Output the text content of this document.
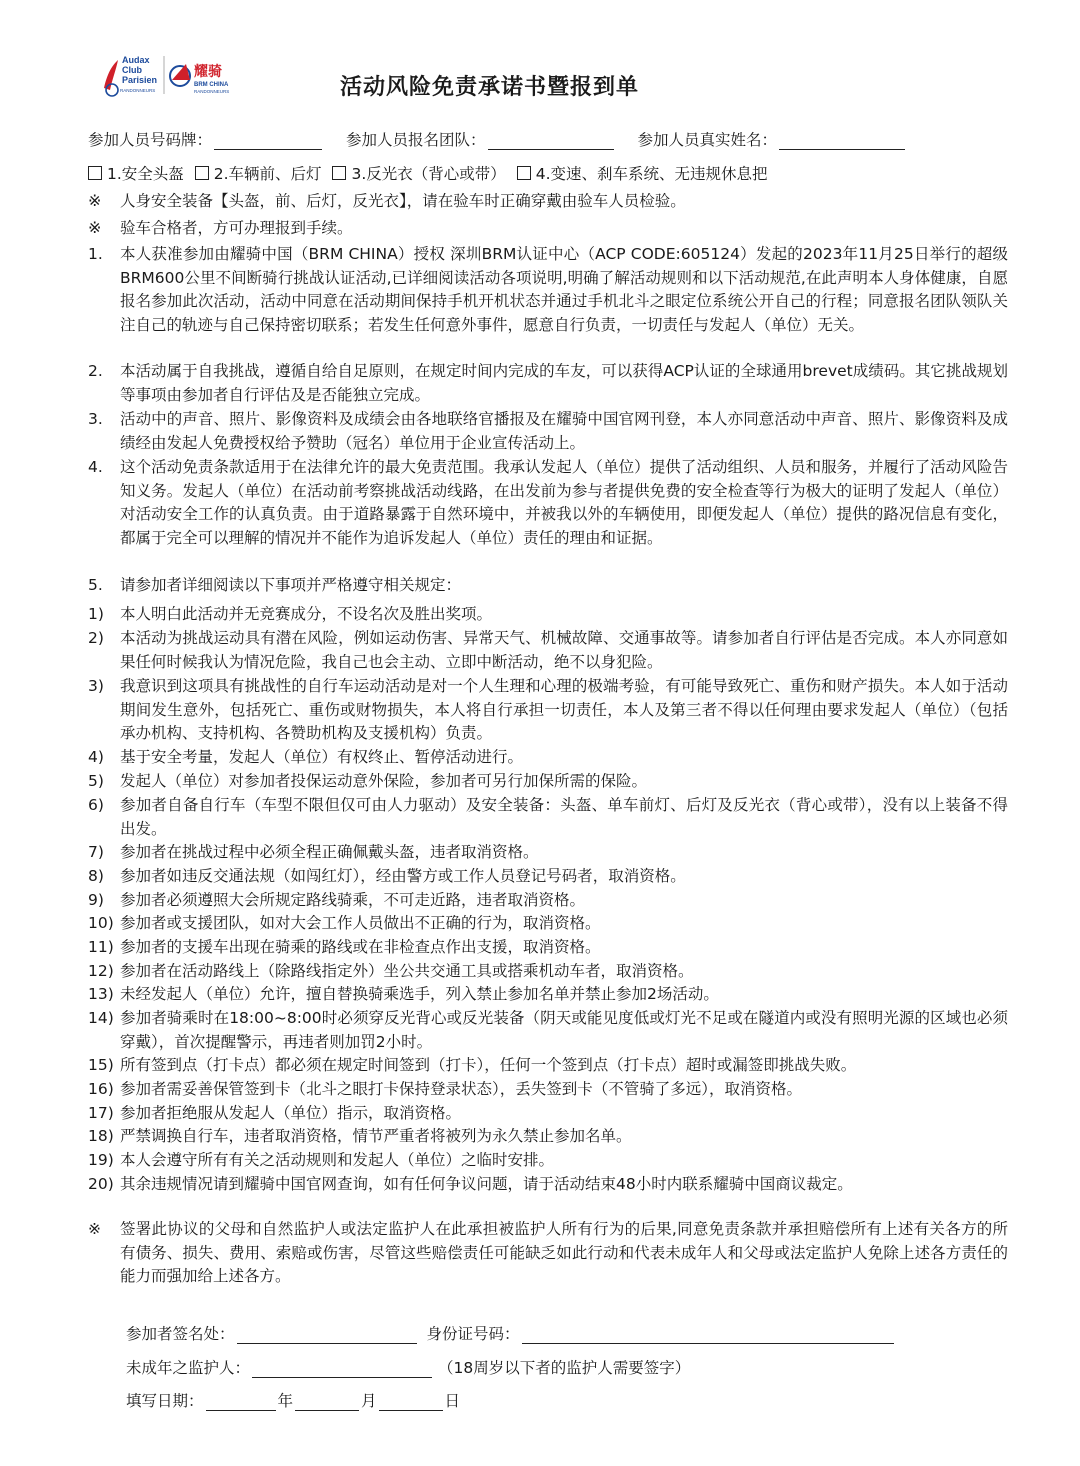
Audax
Club
Parisien
RANDONNEURS
耀骑
BRM CHINA
RANDONNEURS	活动风险免责承诺书暨报到单
参加人员号码牌：	参加人员报名团队：	参加人员真实姓名：
1.安全头盔 2.车辆前、后灯 3.反光衣（背心或带） 4.变速、刹车系统、无违规休息把
※ 人身安全装备【头盔，前、后灯，反光衣】，请在验车时正确穿戴由验车人员检验。
※ 验车合格者，方可办理报到手续。
1.	本人获准参加由耀骑中国（BRM CHINA）授权 深圳BRM认证中心（ACP CODE:605124）发起的2023年11月25日举行的超级BRM600公里不间断骑行挑战认证活动,已详细阅读活动各项说明,明确了解活动规则和以下活动规范,在此声明本人身体健康，自愿报名参加此次活动，活动中同意在活动期间保持手机开机状态并通过手机北斗之眼定位系统公开自己的行程；同意报名团队领队关注自己的轨迹与自己保持密切联系；若发生任何意外事件，愿意自行负责，一切责任与发起人（单位）无关。
2.	本活动属于自我挑战，遵循自给自足原则，在规定时间内完成的车友，可以获得ACP认证的全球通用brevet成绩码。其它挑战规划等事项由参加者自行评估及是否能独立完成。
3.	活动中的声音、照片、影像资料及成绩会由各地联络官播报及在耀骑中国官网刊登，本人亦同意活动中声音、照片、影像资料及成绩经由发起人免费授权给予赞助（冠名）单位用于企业宣传活动上。
4.	这个活动免责条款适用于在法律允许的最大免责范围。我承认发起人（单位）提供了活动组织、人员和服务，并履行了活动风险告知义务。发起人（单位）在活动前考察挑战活动线路，在出发前为参与者提供免费的安全检查等行为极大的证明了发起人（单位）对活动安全工作的认真负责。由于道路暴露于自然环境中，并被我以外的车辆使用，即便发起人（单位）提供的路况信息有变化，都属于完全可以理解的情况并不能作为追诉发起人（单位）责任的理由和证据。
5.	请参加者详细阅读以下事项并严格遵守相关规定：
1)	本人明白此活动并无竞赛成分，不设名次及胜出奖项。
2)	本活动为挑战运动具有潜在风险，例如运动伤害、异常天气、机械故障、交通事故等。请参加者自行评估是否完成。本人亦同意如果任何时候我认为情况危险，我自己也会主动、立即中断活动，绝不以身犯险。
3)	我意识到这项具有挑战性的自行车运动活动是对一个人生理和心理的极端考验，有可能导致死亡、重伤和财产损失。本人如于活动期间发生意外，包括死亡、重伤或财物损失，本人将自行承担一切责任，本人及第三者不得以任何理由要求发起人（单位）（包括承办机构、支持机构、各赞助机构及支援机构）负责。
4)	基于安全考量，发起人（单位）有权终止、暂停活动进行。
5)	发起人（单位）对参加者投保运动意外保险，参加者可另行加保所需的保险。
6)	参加者自备自行车（车型不限但仅可由人力驱动）及安全装备：头盔、单车前灯、后灯及反光衣（背心或带），没有以上装备不得出发。
7)	参加者在挑战过程中必须全程正确佩戴头盔，违者取消资格。
8)	参加者如违反交通法规（如闯红灯），经由警方或工作人员登记号码者，取消资格。
9)	参加者必须遵照大会所规定路线骑乘，不可走近路，违者取消资格。
10) 参加者或支援团队，如对大会工作人员做出不正确的行为，取消资格。
11) 参加者的支援车出现在骑乘的路线或在非检查点作出支援，取消资格。
12) 参加者在活动路线上（除路线指定外）坐公共交通工具或搭乘机动车者，取消资格。
13) 未经发起人（单位）允许，擅自替换骑乘选手，列入禁止参加名单并禁止参加2场活动。
14) 参加者骑乘时在18:00~8:00时必须穿反光背心或反光装备（阴天或能见度低或灯光不足或在隧道内或没有照明光源的区域也必须穿戴），首次提醒警示，再违者则加罚2小时。
15) 所有签到点（打卡点）都必须在规定时间签到（打卡），任何一个签到点（打卡点）超时或漏签即挑战失败。
16) 参加者需妥善保管签到卡（北斗之眼打卡保持登录状态），丢失签到卡（不管骑了多远），取消资格。
17) 参加者拒绝服从发起人（单位）指示，取消资格。
18) 严禁调换自行车，违者取消资格，情节严重者将被列为永久禁止参加名单。
19) 本人会遵守所有有关之活动规则和发起人（单位）之临时安排。
20) 其余违规情况请到耀骑中国官网查询，如有任何争议问题，请于活动结束48小时内联系耀骑中国商议裁定。
※	签署此协议的父母和自然监护人或法定监护人在此承担被监护人所有行为的后果,同意免责条款并承担赔偿所有上述有关各方的所有债务、损失、费用、索赔或伤害，尽管这些赔偿责任可能缺乏如此行动和代表未成年人和父母或法定监护人免除上述各方责任的能力而强加给上述各方。
参加者签名处：	身份证号码：
未成年之监护人：	（18周岁以下者的监护人需要签字）
填写日期：	年	月	日
